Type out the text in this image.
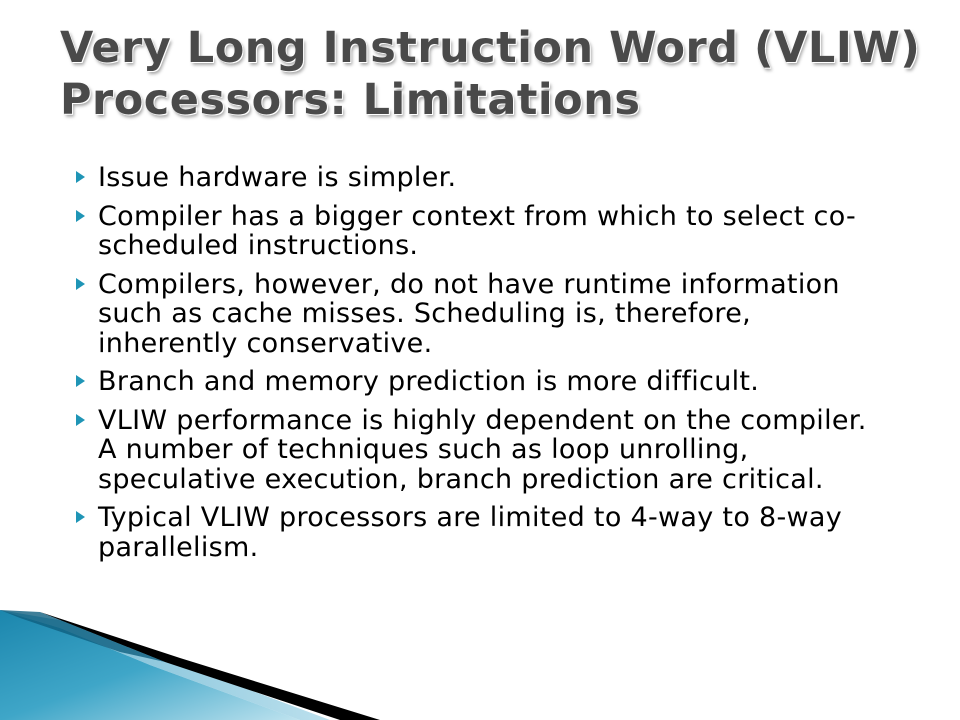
Very Long Instruction Word (VLIW)
Processors: Limitations
Issue hardware is simpler.
Compiler has a bigger context from which to select co-scheduled instructions.
Compilers, however, do not have runtime information such as cache misses. Scheduling is, therefore, inherently conservative.
Branch and memory prediction is more difficult.
VLIW performance is highly dependent on the compiler. A number of techniques such as loop unrolling, speculative execution, branch prediction are critical.
Typical VLIW processors are limited to 4-way to 8-way parallelism.
